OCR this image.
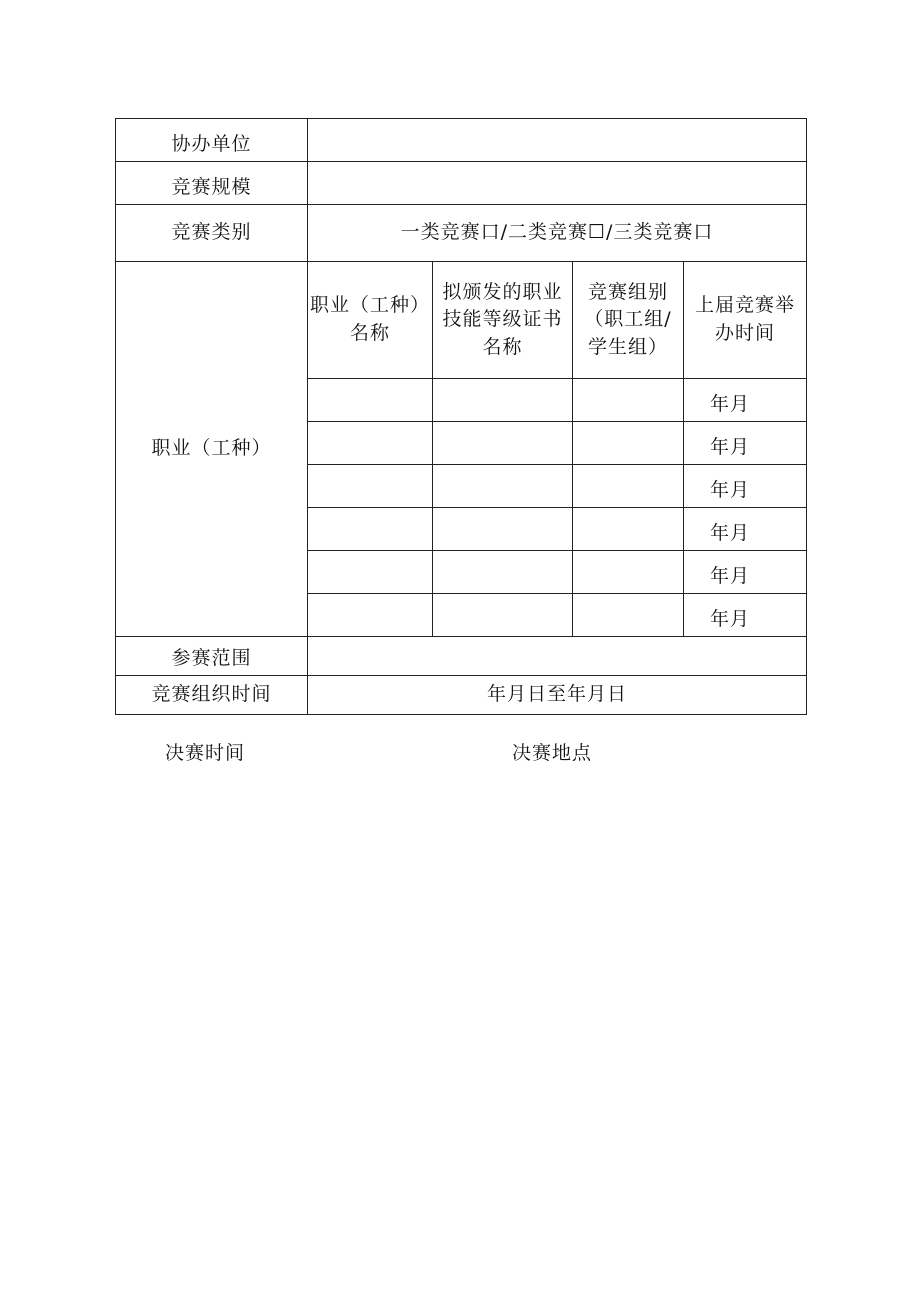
协办单位				
竞赛规模				
竞赛类别	一类竞赛口/二类竞赛☐/三类竞赛口			
职业（工种）	职业（工种）名称	拟颁发的职业技能等级证书名称	竞赛组别（职工组/学生组）	上届竞赛举办时间
				年月
				年月
				年月
				年月
				年月
				年月
参赛范围				
竞赛组织时间	年月日至年月日			
决赛时间	决赛地点
